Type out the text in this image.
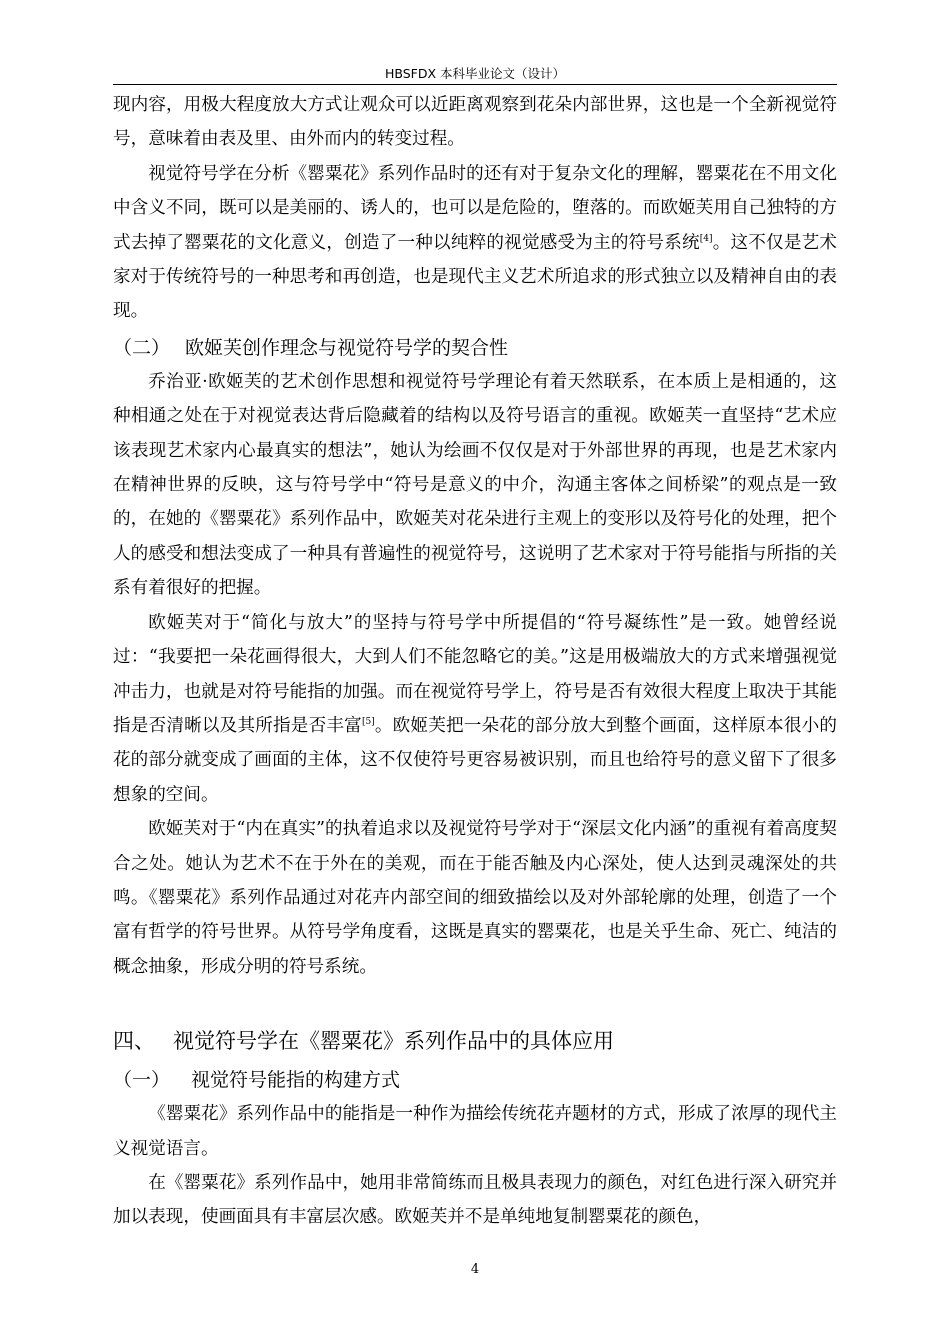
HBSFDX 本科毕业论文（设计）

现内容，用极大程度放大方式让观众可以近距离观察到花朵内部世界，这也是一个全新视觉符号，意味着由表及里、由外而内的转变过程。

视觉符号学在分析《罂粟花》系列作品时的还有对于复杂文化的理解，罂粟花在不用文化中含义不同，既可以是美丽的、诱人的，也可以是危险的，堕落的。而欧姬芙用自己独特的方式去掉了罂粟花的文化意义，创造了一种以纯粹的视觉感受为主的符号系统[4]。这不仅是艺术家对于传统符号的一种思考和再创造，也是现代主义艺术所追求的形式独立以及精神自由的表现。

（二） 欧姬芙创作理念与视觉符号学的契合性

乔治亚·欧姬芙的艺术创作思想和视觉符号学理论有着天然联系，在本质上是相通的，这种相通之处在于对视觉表达背后隐藏着的结构以及符号语言的重视。欧姬芙一直坚持“艺术应该表现艺术家内心最真实的想法”，她认为绘画不仅仅是对于外部世界的再现，也是艺术家内在精神世界的反映，这与符号学中“符号是意义的中介，沟通主客体之间桥梁”的观点是一致的，在她的《罂粟花》系列作品中，欧姬芙对花朵进行主观上的变形以及符号化的处理，把个人的感受和想法变成了一种具有普遍性的视觉符号，这说明了艺术家对于符号能指与所指的关系有着很好的把握。

欧姬芙对于“简化与放大”的坚持与符号学中所提倡的“符号凝练性”是一致。她曾经说过：“我要把一朵花画得很大，大到人们不能忽略它的美。”这是用极端放大的方式来增强视觉冲击力，也就是对符号能指的加强。而在视觉符号学上，符号是否有效很大程度上取决于其能指是否清晰以及其所指是否丰富[5]。欧姬芙把一朵花的部分放大到整个画面，这样原本很小的花的部分就变成了画面的主体，这不仅使符号更容易被识别，而且也给符号的意义留下了很多想象的空间。

欧姬芙对于“内在真实”的执着追求以及视觉符号学对于“深层文化内涵”的重视有着高度契合之处。她认为艺术不在于外在的美观，而在于能否触及内心深处，使人达到灵魂深处的共鸣。《罂粟花》系列作品通过对花卉内部空间的细致描绘以及对外部轮廓的处理，创造了一个富有哲学的符号世界。从符号学角度看，这既是真实的罂粟花，也是关乎生命、死亡、纯洁的概念抽象，形成分明的符号系统。

四、 视觉符号学在《罂粟花》系列作品中的具体应用

（一） 视觉符号能指的构建方式

《罂粟花》系列作品中的能指是一种作为描绘传统花卉题材的方式，形成了浓厚的现代主义视觉语言。

在《罂粟花》系列作品中，她用非常简练而且极具表现力的颜色，对红色进行深入研究并加以表现，使画面具有丰富层次感。欧姬芙并不是单纯地复制罂粟花的颜色，

4
